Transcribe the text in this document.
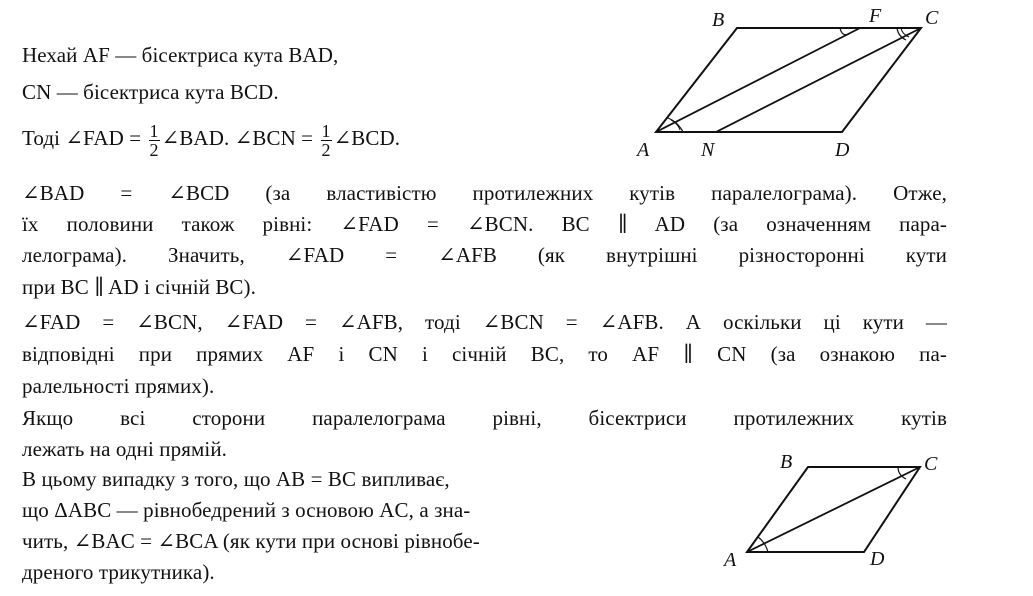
Нехай AF — бісектриса кута BAD,
CN — бісектриса кута BCD.
Тоді ∠FAD = $\frac{1}{2}$ ∠BAD. ∠BCN = $\frac{1}{2}$ ∠BCD.
∠BAD = ∠BCD (за властивістю протилежних кутів паралелограма). Отже,
їх половини також рівні: ∠FAD = ∠BCN. BC ∥ AD (за означенням пара-
лелограма). Значить, ∠FAD = ∠AFB (як внутрішні різносторонні кути
при BC ∥ AD і січній BC).
∠FAD = ∠BCN, ∠FAD = ∠AFB, тоді ∠BCN = ∠AFB. А оскільки ці кути —
відповідні при прямих AF і CN і січній BC, то AF ∥ CN (за ознакою па-
ралельності прямих).
Якщо всі сторони паралелограма рівні, бісектриси протилежних кутів
лежать на одні прямій.
В цьому випадку з того, що AB = BC випливає,
що ΔABC — рівнобедрений з основою AC, а зна-
чить, ∠BAC = ∠BCA (як кути при основі рівнобе-
дреного трикутника).
B	F C
A	N	D
B	C
A	D
